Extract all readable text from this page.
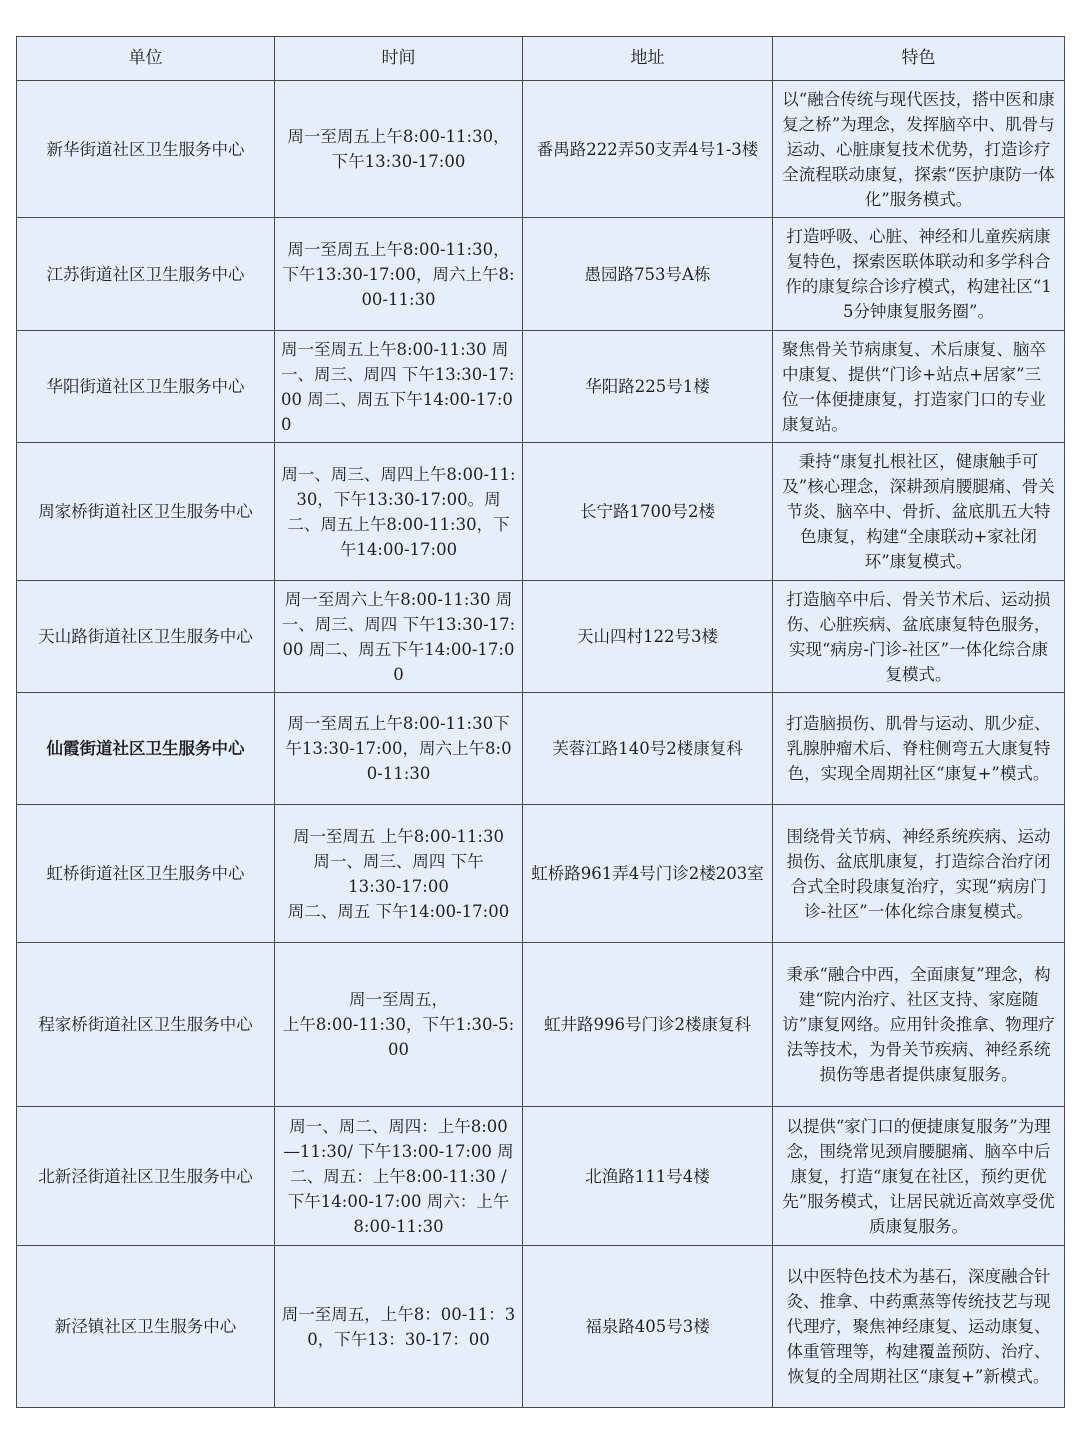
单位	时间	地址	特色
新华街道社区卫生服务中心	周一至周五上午8:00-11:30，下午13:30-17:00	番禺路222弄50支弄4号1-3楼	以“融合传统与现代医技，搭中医和康复之桥”为理念，发挥脑卒中、肌骨与运动、心脏康复技术优势，打造诊疗全流程联动康复，探索“医护康防一体化”服务模式。
江苏街道社区卫生服务中心	周一至周五上午8:00-11:30，下午13:30-17:00，周六上午8:00-11:30	愚园路753号A栋	打造呼吸、心脏、神经和儿童疾病康复特色，探索医联体联动和多学科合作的康复综合诊疗模式，构建社区“15分钟康复服务圈”。
华阳街道社区卫生服务中心	周一至周五上午8:00-11:30 周一、周三、周四 下午13:30-17:00 周二、周五下午14:00-17:00	华阳路225号1楼	聚焦骨关节病康复、术后康复、脑卒中康复、提供“门诊+站点+居家”三位一体便捷康复，打造家门口的专业康复站。
周家桥街道社区卫生服务中心	周一、周三、周四上午8:00-11:30，下午13:30-17:00。周二、周五上午8:00-11:30，下午14:00-17:00	长宁路1700号2楼	秉持“康复扎根社区，健康触手可及”核心理念，深耕颈肩腰腿痛、骨关节炎、脑卒中、骨折、盆底肌五大特色康复，构建“全康联动+家社闭环”康复模式。
天山路街道社区卫生服务中心	周一至周六上午8:00-11:30 周一、周三、周四 下午13:30-17:00 周二、周五下午14:00-17:00	天山四村122号3楼	打造脑卒中后、骨关节术后、运动损伤、心脏疾病、盆底康复特色服务，实现“病房-门诊-社区”一体化综合康复模式。
仙霞街道社区卫生服务中心	周一至周五上午8:00-11:30下午13:30-17:00，周六上午8:00-11:30	芙蓉江路140号2楼康复科	打造脑损伤、肌骨与运动、肌少症、乳腺肿瘤术后、脊柱侧弯五大康复特色，实现全周期社区“康复+”模式。
虹桥街道社区卫生服务中心	周一至周五 上午8:00-11:30
周一、周三、周四 下午
13:30-17:00
周二、周五 下午14:00-17:00	虹桥路961弄4号门诊2楼203室	围绕骨关节病、神经系统疾病、运动损伤、盆底肌康复，打造综合治疗闭合式全时段康复治疗，实现“病房门诊-社区”一体化综合康复模式。
程家桥街道社区卫生服务中心	周一至周五，
上午8:00-11:30，下午1:30-5:00	虹井路996号门诊2楼康复科	秉承“融合中西，全面康复”理念，构建“院内治疗、社区支持、家庭随访”康复网络。应用针灸推拿、物理疗法等技术，为骨关节疾病、神经系统损伤等患者提供康复服务。
北新泾街道社区卫生服务中心	周一、周二、周四：上午8:00—11:30/ 下午13:00-17:00 周二、周五：上午8:00-11:30 / 下午14:00-17:00 周六：上午8:00-11:30	北渔路111号4楼	以提供“家门口的便捷康复服务”为理念，围绕常见颈肩腰腿痛、脑卒中后康复，打造“康复在社区，预约更优先”服务模式，让居民就近高效享受优质康复服务。
新泾镇社区卫生服务中心	周一至周五，上午8：00-11：30，下午13：30-17：00	福泉路405号3楼	以中医特色技术为基石，深度融合针灸、推拿、中药熏蒸等传统技艺与现代理疗，聚焦神经康复、运动康复、体重管理等，构建覆盖预防、治疗、恢复的全周期社区“康复+”新模式。
